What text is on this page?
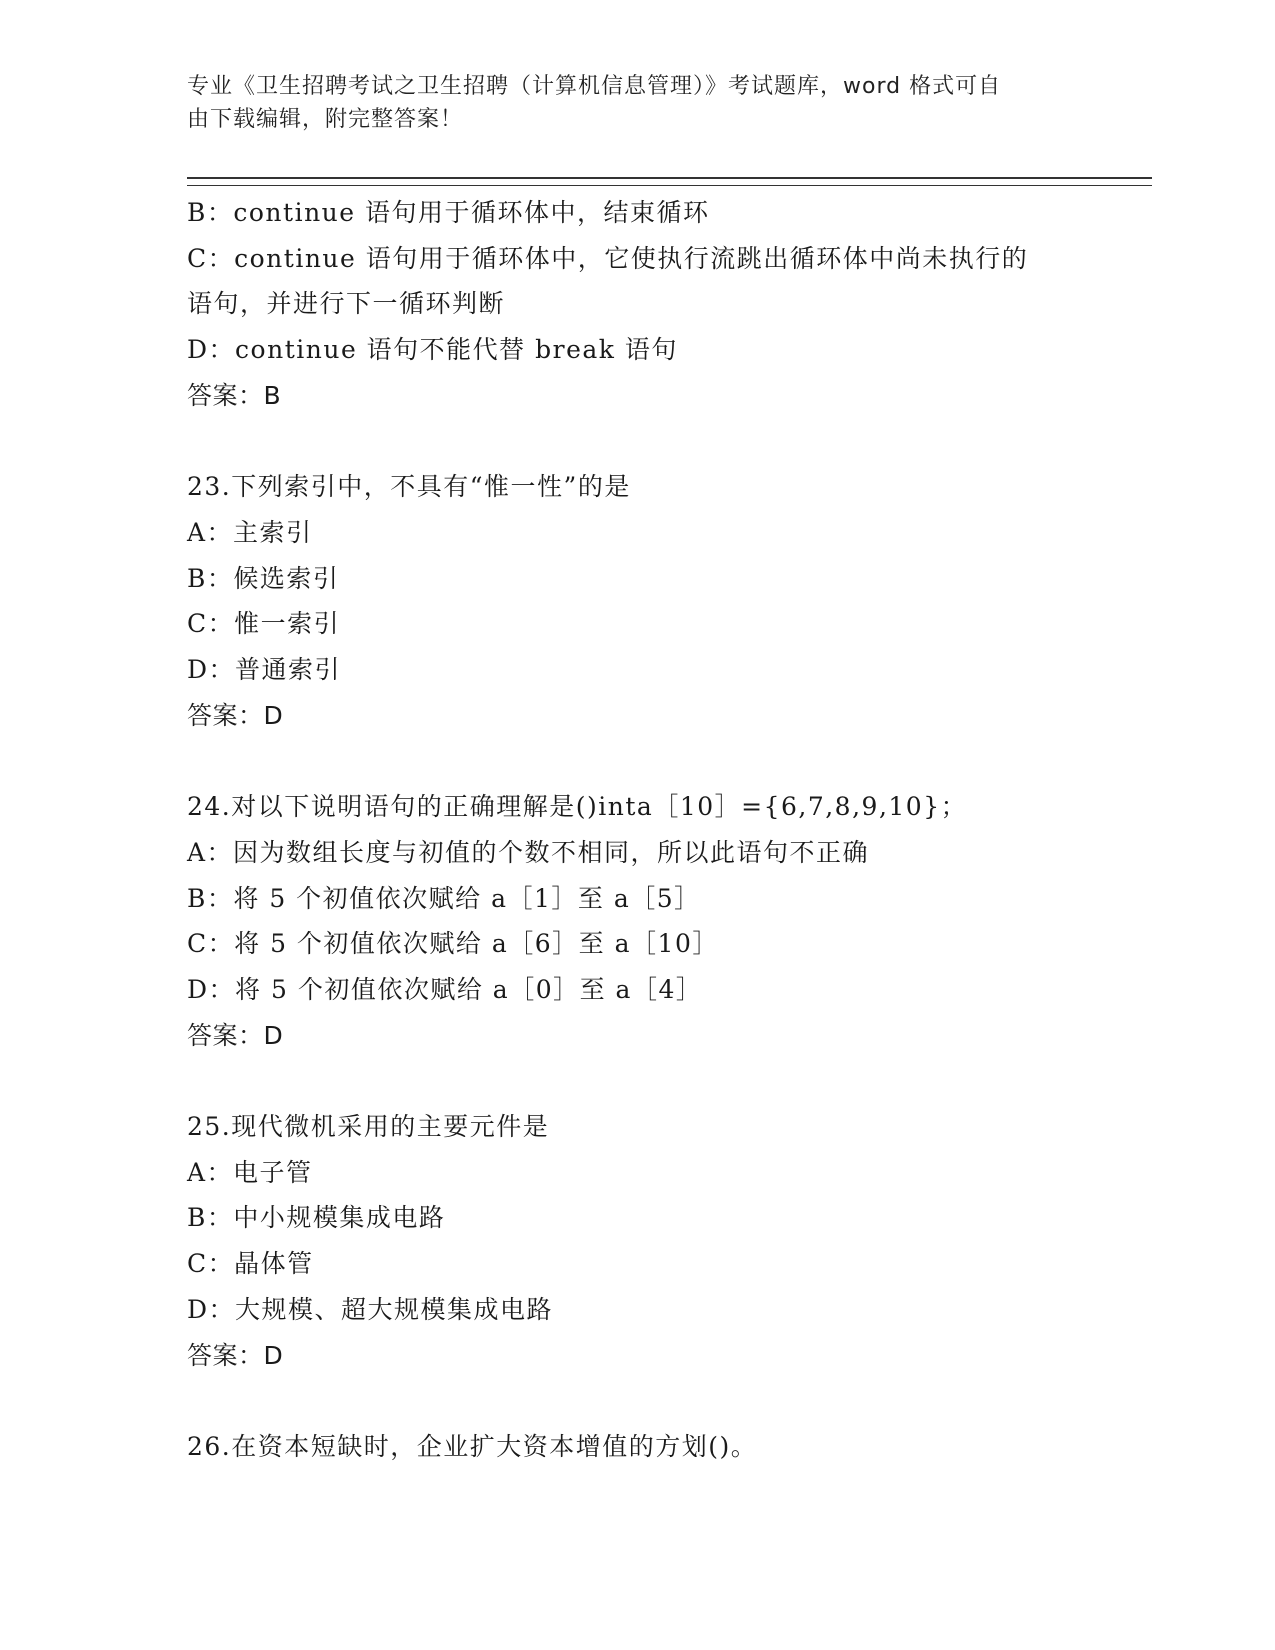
专业《卫生招聘考试之卫生招聘（计算机信息管理）》考试题库，word 格式可自
由下载编辑，附完整答案！

B：continue 语句用于循环体中，结束循环

C：continue 语句用于循环体中，它使执行流跳出循环体中尚未执行的

语句，并进行下一循环判断

D：continue 语句不能代替 break 语句

答案：B

23.下列索引中，不具有“惟一性”的是

A：主索引

B：候选索引

C：惟一索引

D：普通索引

答案：D

24.对以下说明语句的正确理解是()inta［10］={6,7,8,9,10}；

A：因为数组长度与初值的个数不相同，所以此语句不正确

B：将 5 个初值依次赋给 a［1］至 a［5］

C：将 5 个初值依次赋给 a［6］至 a［10］

D：将 5 个初值依次赋给 a［0］至 a［4］

答案：D

25.现代微机采用的主要元件是

A：电子管

B：中小规模集成电路

C：晶体管

D：大规模、超大规模集成电路

答案：D

26.在资本短缺时，企业扩大资本增值的方划()。
